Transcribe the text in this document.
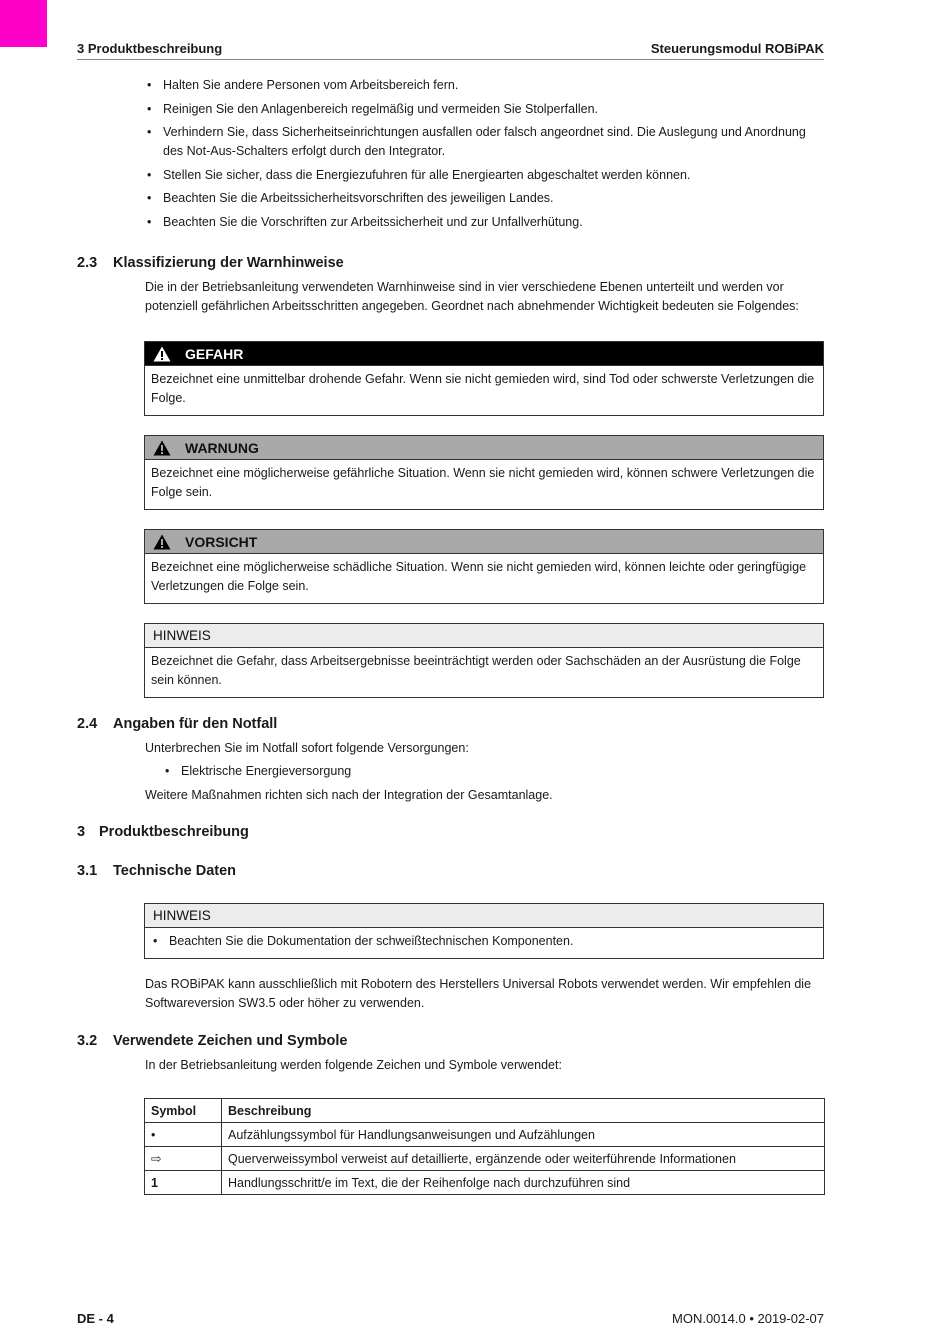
3 Produktbeschreibung	Steuerungsmodul ROBiPAK
• Halten Sie andere Personen vom Arbeitsbereich fern.
• Reinigen Sie den Anlagenbereich regelmäßig und vermeiden Sie Stolperfallen.
• Verhindern Sie, dass Sicherheitseinrichtungen ausfallen oder falsch angeordnet sind. Die Auslegung und Anordnung des Not-Aus-Schalters erfolgt durch den Integrator.
• Stellen Sie sicher, dass die Energiezufuhren für alle Energiearten abgeschaltet werden können.
• Beachten Sie die Arbeitssicherheitsvorschriften des jeweiligen Landes.
• Beachten Sie die Vorschriften zur Arbeitssicherheit und zur Unfallverhütung.
2.3 Klassifizierung der Warnhinweise

Die in der Betriebsanleitung verwendeten Warnhinweise sind in vier verschiedene Ebenen unterteilt und werden vor potenziell gefährlichen Arbeitsschritten angegeben. Geordnet nach abnehmender Wichtigkeit bedeuten sie Folgendes:

GEFAHR
Bezeichnet eine unmittelbar drohende Gefahr. Wenn sie nicht gemieden wird, sind Tod oder schwerste Verletzungen die Folge.
WARNUNG
Bezeichnet eine möglicherweise gefährliche Situation. Wenn sie nicht gemieden wird, können schwere Verletzungen die Folge sein.
VORSICHT
Bezeichnet eine möglicherweise schädliche Situation. Wenn sie nicht gemieden wird, können leichte oder geringfügige Verletzungen die Folge sein.
HINWEIS
Bezeichnet die Gefahr, dass Arbeitsergebnisse beeinträchtigt werden oder Sachschäden an der Ausrüstung die Folge sein können.
2.4 Angaben für den Notfall

Unterbrechen Sie im Notfall sofort folgende Versorgungen:

• Elektrische Energieversorgung

Weitere Maßnahmen richten sich nach der Integration der Gesamtanlage.

3 Produktbeschreibung
3.1 Technische Daten
HINWEIS
• Beachten Sie die Dokumentation der schweißtechnischen Komponenten.

Das ROBiPAK kann ausschließlich mit Robotern des Herstellers Universal Robots verwendet werden. Wir empfehlen die Softwareversion SW3.5 oder höher zu verwenden.

3.2 Verwendete Zeichen und Symbole

In der Betriebsanleitung werden folgende Zeichen und Symbole verwendet:

Symbol	Beschreibung
•	Aufzählungssymbol für Handlungsanweisungen und Aufzählungen
⇨	Querverweissymbol verweist auf detaillierte, ergänzende oder weiterführende Informationen
1	Handlungsschritt/e im Text, die der Reihenfolge nach durchzuführen sind
DE - 4	MON.0014.0 • 2019-02-07
